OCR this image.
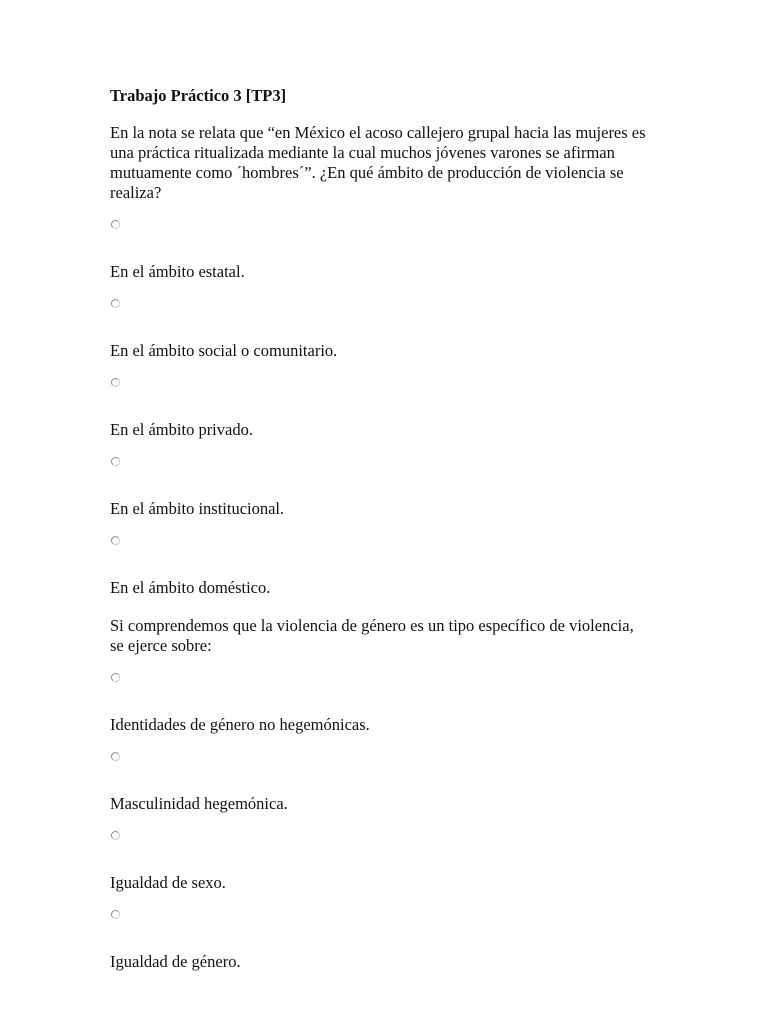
Trabajo Práctico 3 [TP3]

En la nota se relata que “en México el acoso callejero grupal hacia las mujeres es una práctica ritualizada mediante la cual muchos jóvenes varones se afirman mutuamente como ´hombres´”. ¿En qué ámbito de producción de violencia se realiza?

En el ámbito estatal.
En el ámbito social o comunitario.
En el ámbito privado.
En el ámbito institucional.
En el ámbito doméstico.

Si comprendemos que la violencia de género es un tipo específico de violencia, se ejerce sobre:

Identidades de género no hegemónicas.
Masculinidad hegemónica.
Igualdad de sexo.
Igualdad de género.
